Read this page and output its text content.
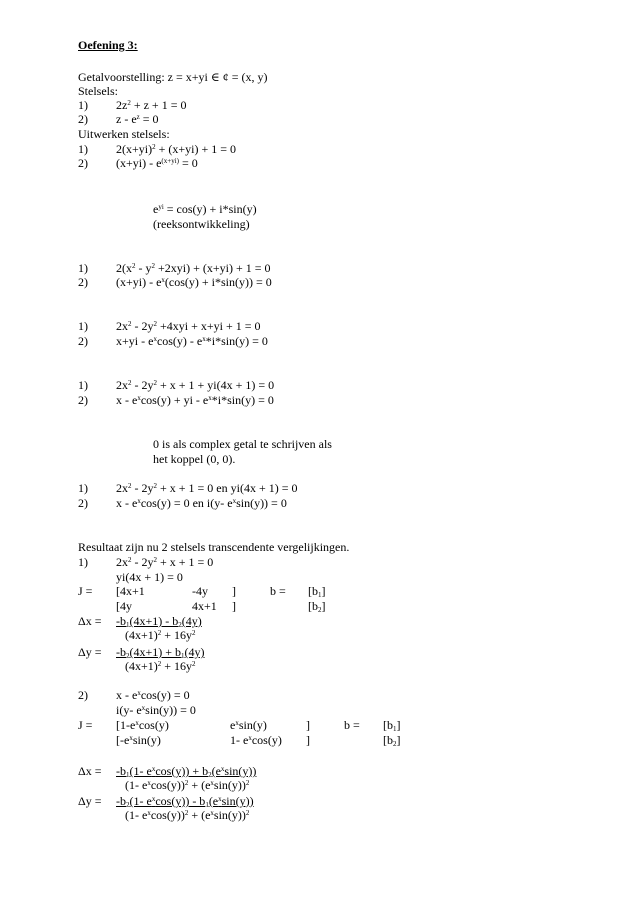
Oefening 3:
Getalvoorstelling: z = x+yi ∈ ¢ = (x, y)
Stelsels:
1) $2z^2 + z + 1 = 0$
2) $z - e^z = 0$
Uitwerken stelsels:
1) $2(x+yi)^2 + (x+yi) + 1 = 0$
2) $(x+yi) - e^{(x+yi)} = 0$
$e^{yi} = \cos(y) + i*\sin(y)$
(reeksontwikkeling)
1) $2(x^2 - y^2 +2xyi) + (x+yi) + 1 = 0$
2) $(x+yi) - e^x(\cos(y) + i*\sin(y)) = 0$
1) $2x^2 - 2y^2 +4xyi + x+yi + 1 = 0$
2) $x+yi - e^x\cos(y) - e^x*i*\sin(y) = 0$
1) $2x^2 - 2y^2 + x + 1 + yi(4x + 1) = 0$
2) x - $e^x\cos(y)$ + yi - $e^x*i*\sin(y) = 0$
0 is als complex getal te schrijven als
het koppel (0, 0).
1) $2x^2 - 2y^2 + x + 1 = 0$ en yi(4x + 1) = 0
2) $x - e^x\cos(y) = 0$ en i(y- $e^x\sin(y)) = 0$
Resultaat zijn nu 2 stelsels transcendente vergelijkingen.
1) $2x^2 - 2y^2 + x + 1 = 0$
yi(4x + 1) = 0
J = [4x+1	-4y ]	$b = [b_1]$
[4y	4x+1 ]	$[b_2]$
$\Delta x = -b_1(4x+1) - b_2(4y)$
$(4x+1)^2 + 16y^2$
$\Delta y = -b_2(4x+1) + b_1(4y)$
$(4x+1)^2 + 16y^2$
2) $x - e^x\cos(y) = 0$
i(y- $e^x\sin(y)) = 0$
$J = [1-e^x\cos(y)$	$e^x\sin(y)$	]	$b = [b_1]$
[$-e^x\sin(y)$	1- $e^x\cos(y)$ ]	$[b_2]$
$\Delta x = -b_1(1-$ $e^x\cos(y)) + b_2(e^x\sin(y))$
(1- $e^x\cos(y))^2 + (e^x\sin(y))^2$
$\Delta y = -b_2(1-$ $e^x\cos(y)) - b_1(e^x\sin(y))$
(1- $e^x\cos(y))^2 + (e^x\sin(y))^2$
